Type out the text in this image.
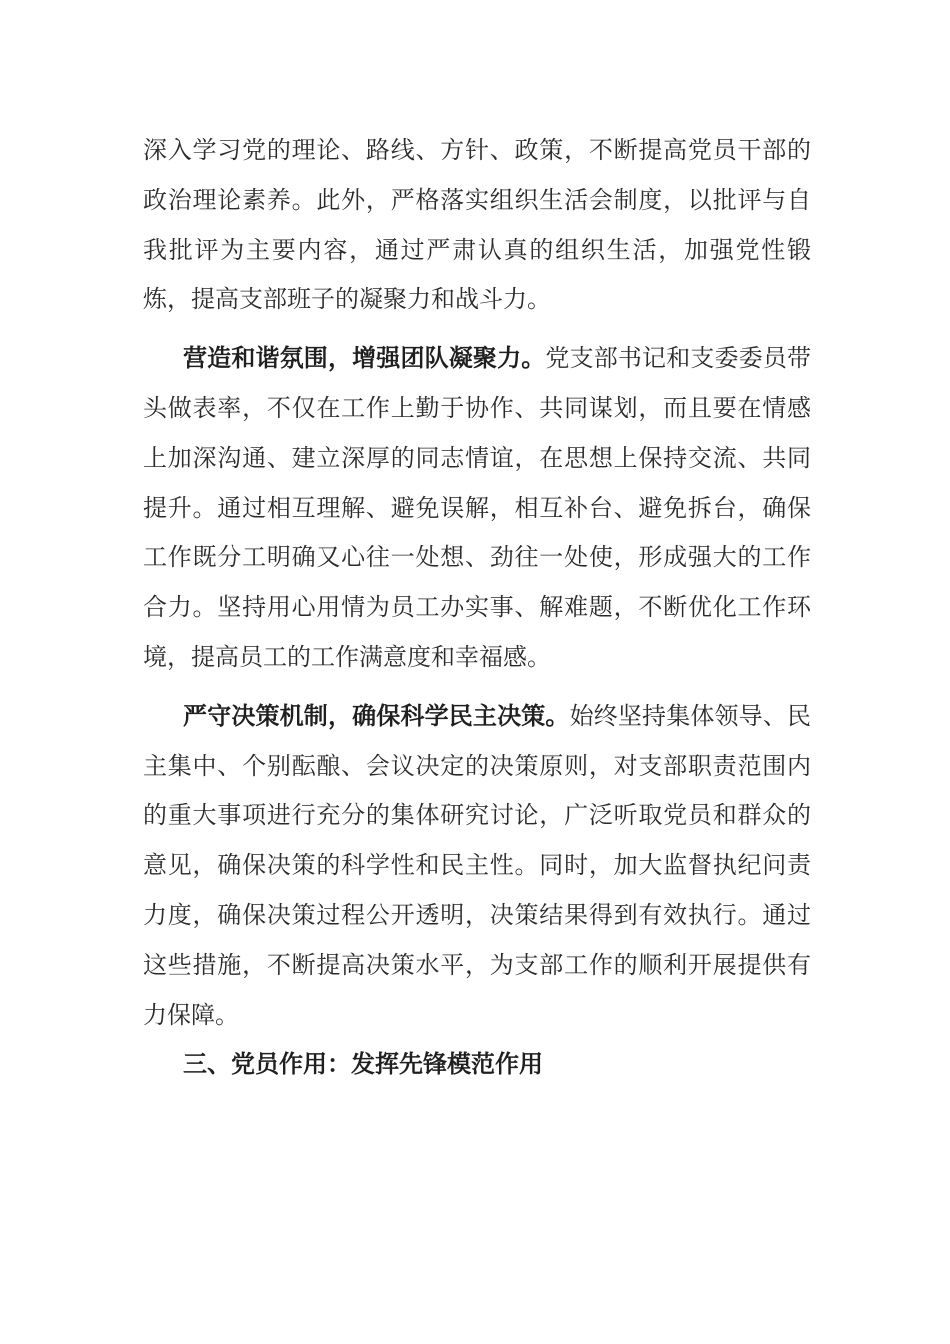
深入学习党的理论、路线、方针、政策，不断提高党员干部的政治理论素养。此外，严格落实组织生活会制度，以批评与自我批评为主要内容，通过严肃认真的组织生活，加强党性锻炼，提高支部班子的凝聚力和战斗力。

营造和谐氛围，增强团队凝聚力。党支部书记和支委委员带头做表率，不仅在工作上勤于协作、共同谋划，而且要在情感上加深沟通、建立深厚的同志情谊，在思想上保持交流、共同提升。通过相互理解、避免误解，相互补台、避免拆台，确保工作既分工明确又心往一处想、劲往一处使，形成强大的工作合力。坚持用心用情为员工办实事、解难题，不断优化工作环境，提高员工的工作满意度和幸福感。

严守决策机制，确保科学民主决策。始终坚持集体领导、民主集中、个别酝酿、会议决定的决策原则，对支部职责范围内的重大事项进行充分的集体研究讨论，广泛听取党员和群众的意见，确保决策的科学性和民主性。同时，加大监督执纪问责力度，确保决策过程公开透明，决策结果得到有效执行。通过这些措施，不断提高决策水平，为支部工作的顺利开展提供有力保障。

三、党员作用：发挥先锋模范作用
